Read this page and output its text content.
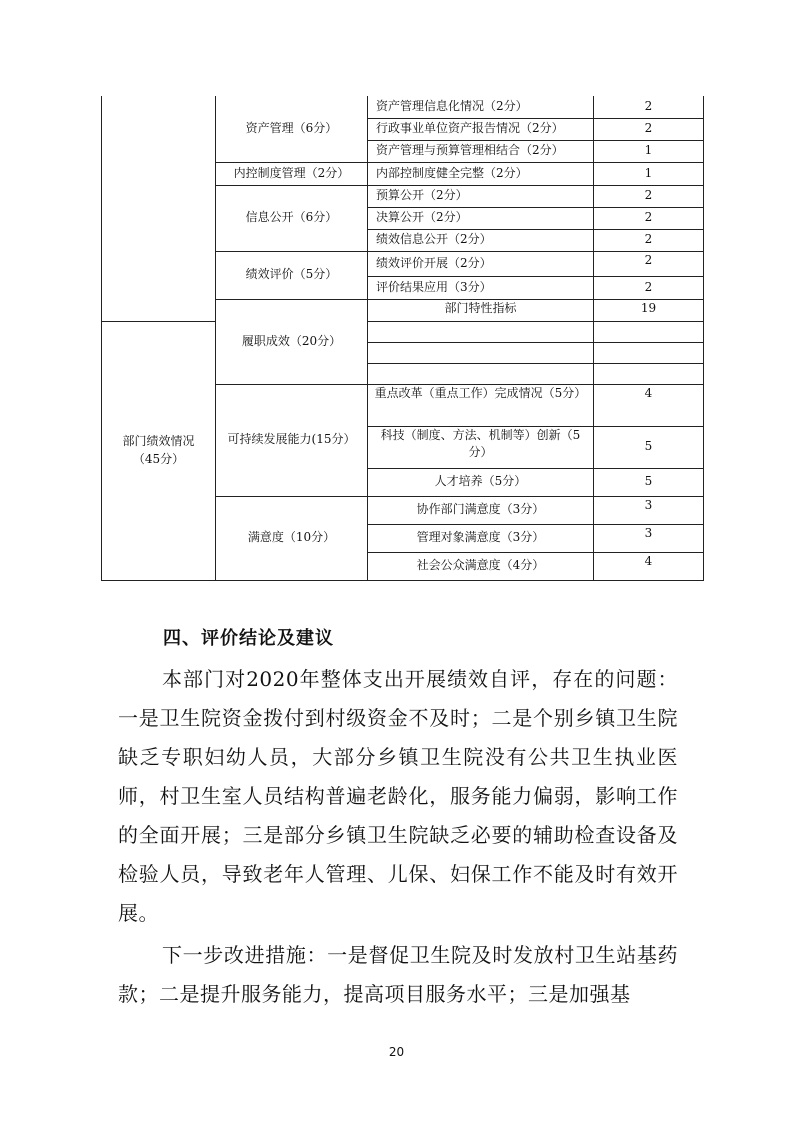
	资产管理（6分）	资产管理信息化情况（2分）	2
		行政事业单位资产报告情况（2分）	2
		资产管理与预算管理相结合（2分）	1
	内控制度管理（2分）	内部控制度健全完整（2分）	1
	信息公开（6分）	预算公开（2分）	2
		决算公开（2分）	2
		绩效信息公开（2分）	2
	绩效评价（5分）	绩效评价开展（2分）	2
		评价结果应用（3分）	2
	履职成效（20分）	部门特性指标	19
部门绩效情况
（45分）			

	可持续发展能力(15分）	重点改革（重点工作）完成情况（5分）	4
		科技（制度、方法、机制等）创新（5分）	5
		人才培养（5分）	5
	满意度（10分）	协作部门满意度（3分）	3
		管理对象满意度（3分）	3
		社会公众满意度（4分）	4
四、评价结论及建议

本部门对2020年整体支出开展绩效自评，存在的问题：一是卫生院资金拨付到村级资金不及时；二是个别乡镇卫生院缺乏专职妇幼人员，大部分乡镇卫生院没有公共卫生执业医师，村卫生室人员结构普遍老龄化，服务能力偏弱，影响工作的全面开展；三是部分乡镇卫生院缺乏必要的辅助检查设备及检验人员，导致老年人管理、儿保、妇保工作不能及时有效开展。

下一步改进措施：一是督促卫生院及时发放村卫生站基药款；二是提升服务能力，提高项目服务水平；三是加强基

20
